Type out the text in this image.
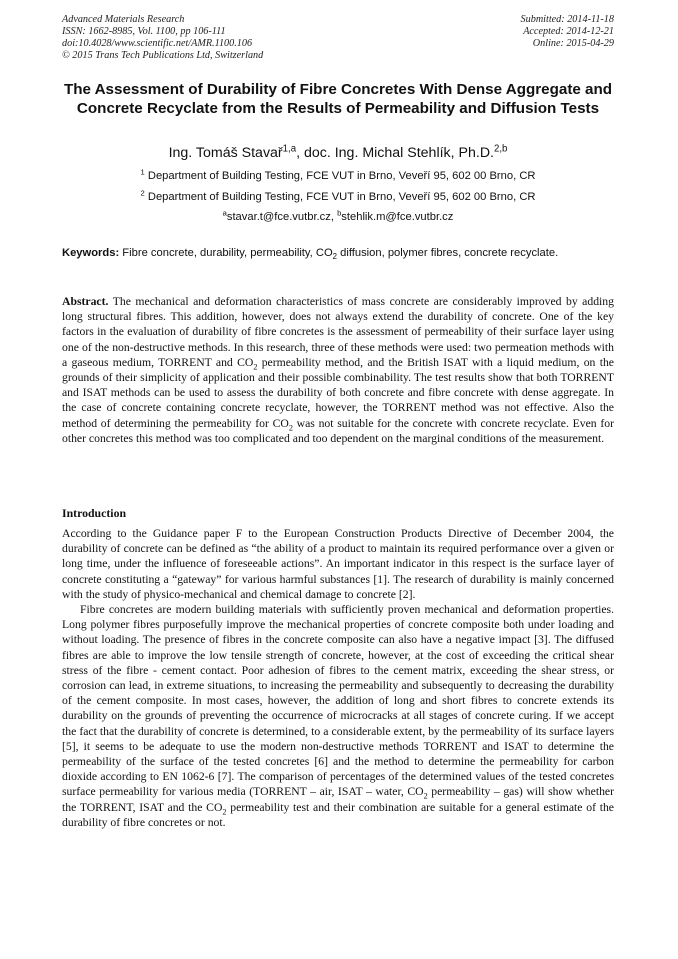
Advanced Materials Research
ISSN: 1662-8985, Vol. 1100, pp 106-111
doi:10.4028/www.scientific.net/AMR.1100.106
© 2015 Trans Tech Publications Ltd, Switzerland
Submitted: 2014-11-18
Accepted: 2014-12-21
Online: 2015-04-29
The Assessment of Durability of Fibre Concretes With Dense Aggregate and Concrete Recyclate from the Results of Permeability and Diffusion Tests
Ing. Tomáš Stavař$^{1,a}$, doc. Ing. Michal Stehlík, Ph.D.$^{2,b}$
$^1$ Department of Building Testing, FCE VUT in Brno, Veveří 95, 602 00 Brno, CR
$^2$ Department of Building Testing, FCE VUT in Brno, Veveří 95, 602 00 Brno, CR
$^a$stavar.t@fce.vutbr.cz, $^b$stehlik.m@fce.vutbr.cz
Keywords: Fibre concrete, durability, permeability, $CO_2$ diffusion, polymer fibres, concrete recyclate.
Abstract. The mechanical and deformation characteristics of mass concrete are considerably improved by adding long structural fibres. This addition, however, does not always extend the durability of concrete. One of the key factors in the evaluation of durability of fibre concretes is the assessment of permeability of their surface layer using one of the non-destructive methods. In this research, three of these methods were used: two permeation methods with a gaseous medium, TORRENT and $CO_2$ permeability method, and the British ISAT with a liquid medium, on the grounds of their simplicity of application and their possible combinability. The test results show that both TORRENT and ISAT methods can be used to assess the durability of both concrete and fibre concrete with dense aggregate. In the case of concrete containing concrete recyclate, however, the TORRENT method was not effective. Also the method of determining the permeability for $CO_2$ was not suitable for the concrete with concrete recyclate. Even for other concretes this method was too complicated and too dependent on the marginal conditions of the measurement.
Introduction

According to the Guidance paper F to the European Construction Products Directive of December 2004, the durability of concrete can be defined as “the ability of a product to maintain its required performance over a given or long time, under the influence of foreseeable actions”. An important indicator in this respect is the surface layer of concrete constituting a “gateway” for various harmful substances [1]. The research of durability is mainly concerned with the study of physico-mechanical and chemical damage to concrete [2].

Fibre concretes are modern building materials with sufficiently proven mechanical and deformation properties. Long polymer fibres purposefully improve the mechanical properties of concrete composite both under loading and without loading. The presence of fibres in the concrete composite can also have a negative impact [3]. The diffused fibres are able to improve the low tensile strength of concrete, however, at the cost of exceeding the critical shear stress of the fibre - cement contact. Poor adhesion of fibres to the cement matrix, exceeding the shear stress, or corrosion can lead, in extreme situations, to increasing the permeability and subsequently to decreasing the durability of the cement composite. In most cases, however, the addition of long and short fibres to concrete extends its durability on the grounds of preventing the occurrence of microcracks at all stages of concrete curing. If we accept the fact that the durability of concrete is determined, to a considerable extent, by the permeability of its surface layers [5], it seems to be adequate to use the modern non-destructive methods TORRENT and ISAT to determine the permeability of the surface of the tested concretes [6] and the method to determine the permeability for carbon dioxide according to EN 1062-6 [7]. The comparison of percentages of the determined values of the tested concretes surface permeability for various media (TORRENT – air, ISAT – water, $CO_2$ permeability – gas) will show whether the TORRENT, ISAT and the $CO_2$ permeability test and their combination are suitable for a general estimate of the durability of fibre concretes or not.
